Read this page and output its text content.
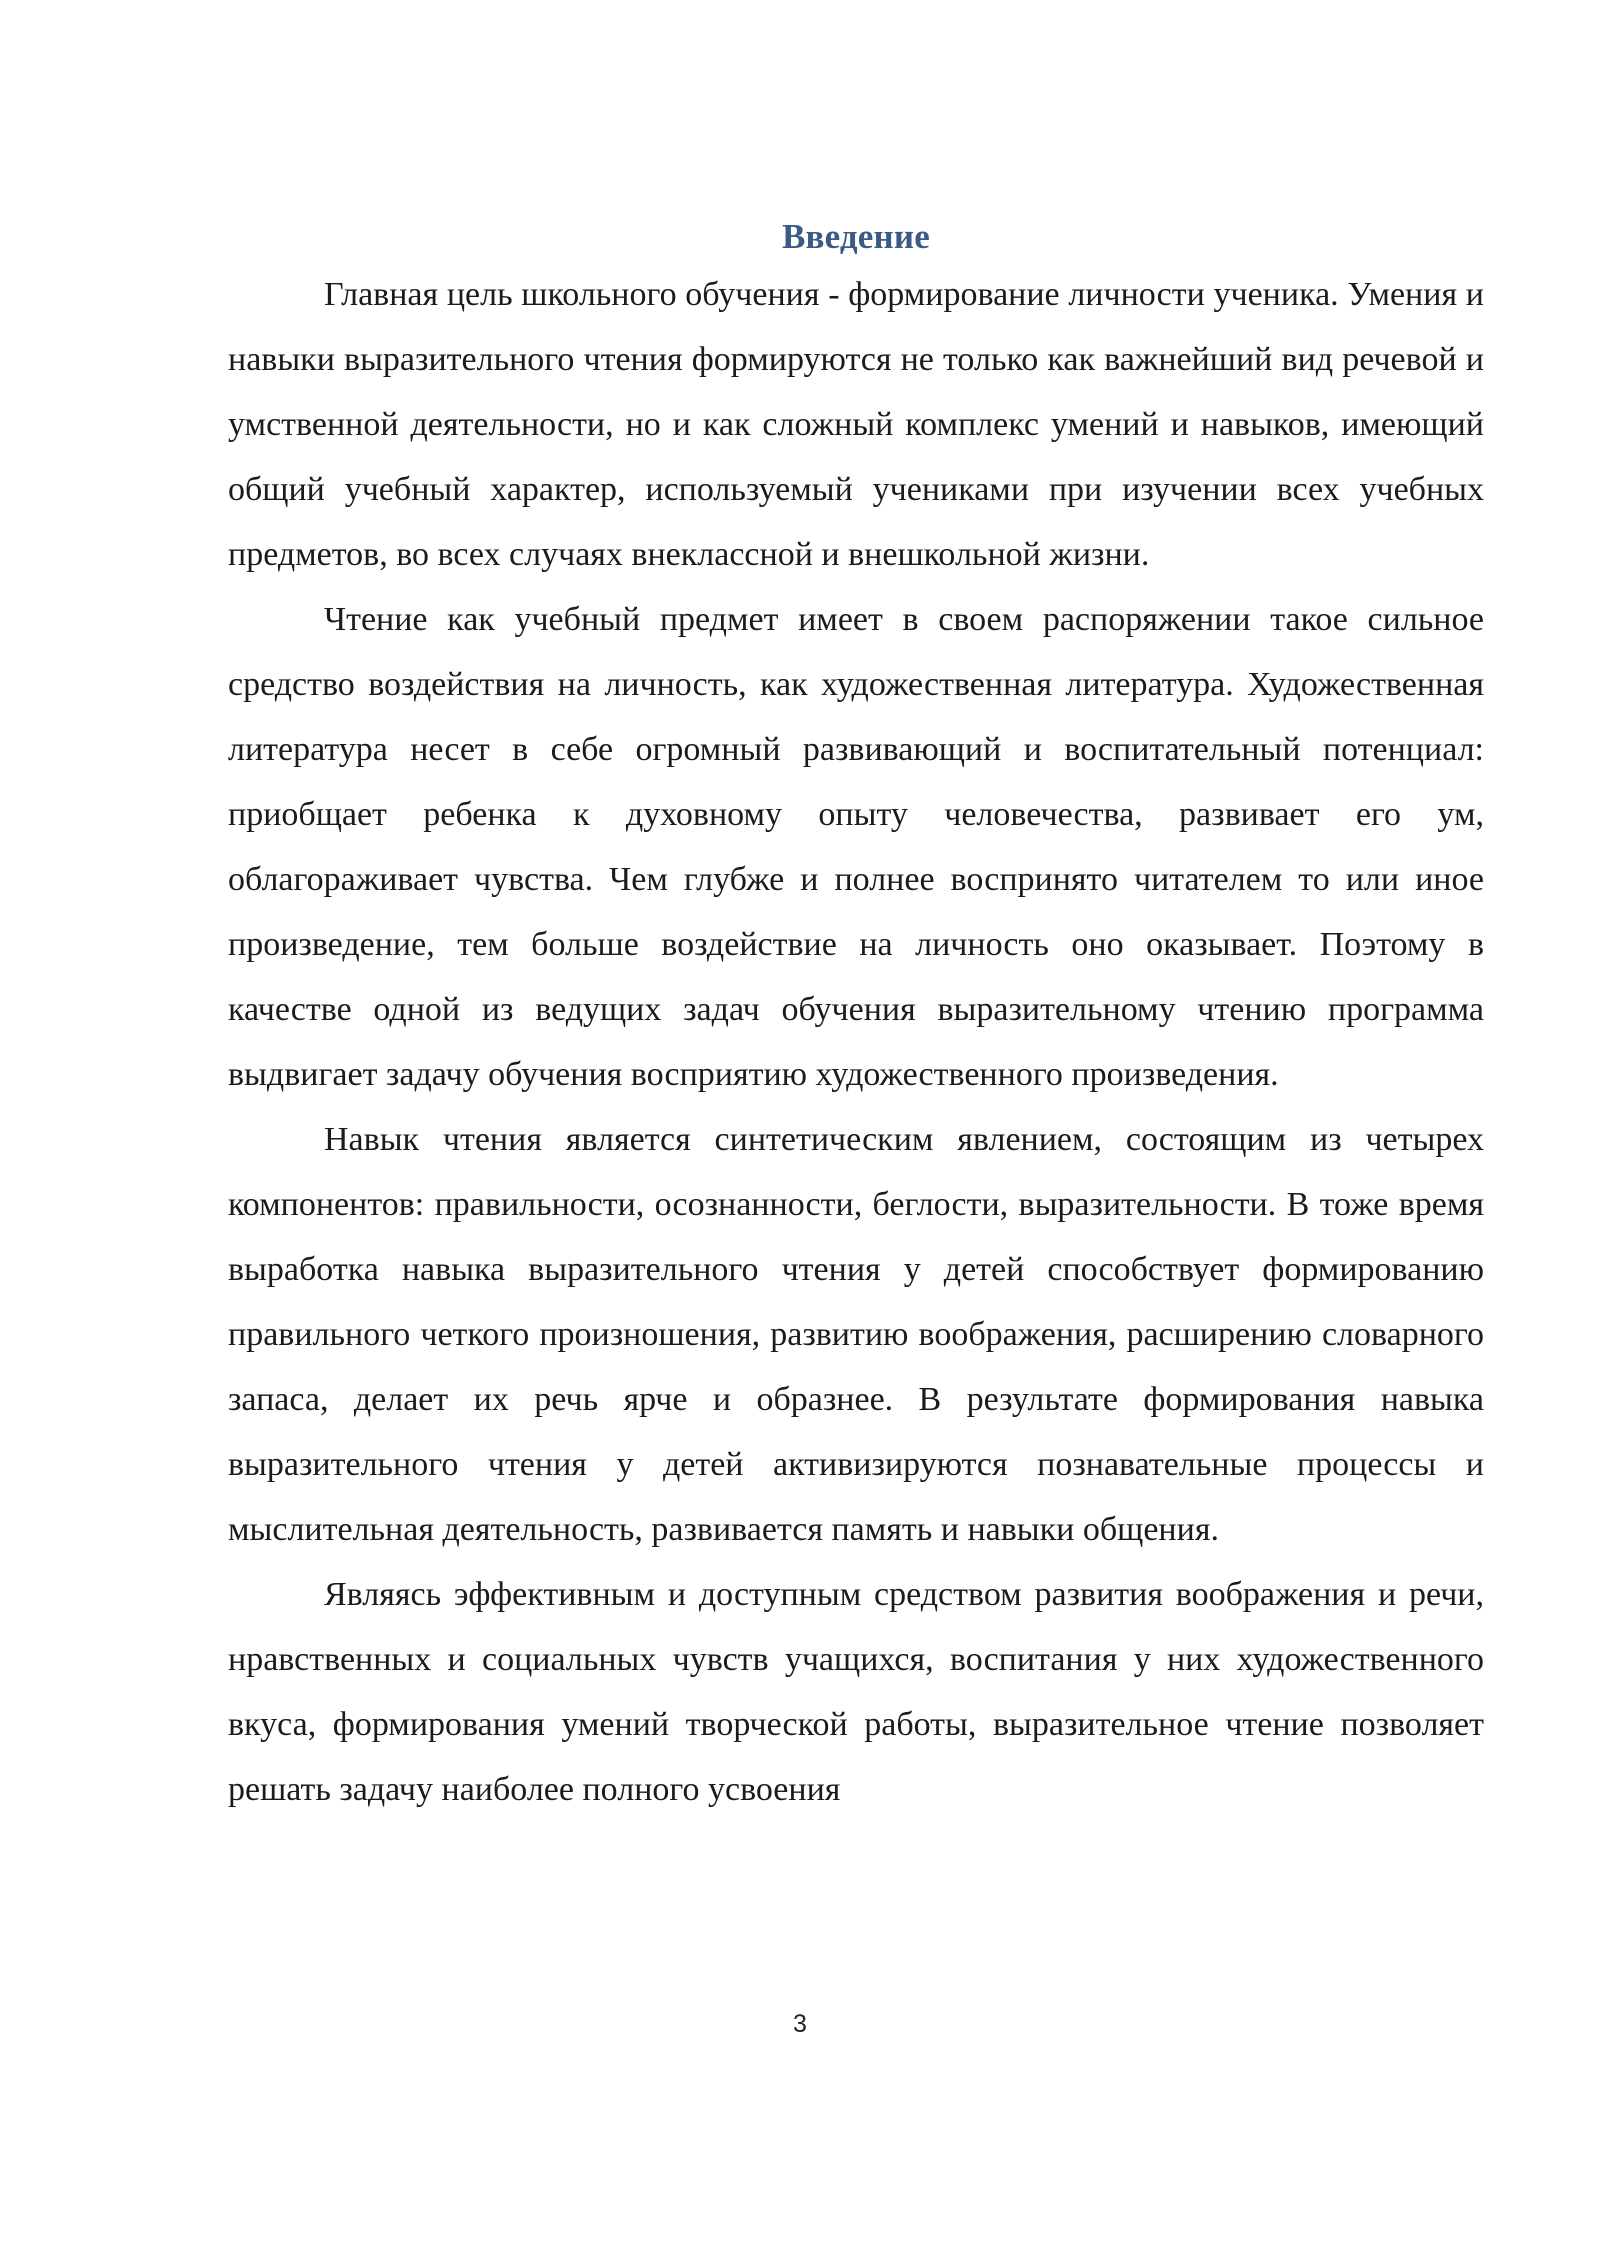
Введение

Главная цель школьного обучения - формирование личности ученика. Умения и навыки выразительного чтения формируются не только как важнейший вид речевой и умственной деятельности, но и как сложный комплекс умений и навыков, имеющий общий учебный характер, используемый учениками при изучении всех учебных предметов, во всех случаях внеклассной и внешкольной жизни.

Чтение как учебный предмет имеет в своем распоряжении такое сильное средство воздействия на личность, как художественная литература. Художественная литература несет в себе огромный развивающий и воспитательный потенциал: приобщает ребенка к духовному опыту человечества, развивает его ум, облагораживает чувства. Чем глубже и полнее воспринято читателем то или иное произведение, тем больше воздействие на личность оно оказывает. Поэтому в качестве одной из ведущих задач обучения выразительному чтению программа выдвигает задачу обучения восприятию художественного произведения.

Навык чтения является синтетическим явлением, состоящим из четырех компонентов: правильности, осознанности, беглости, выразительности. В тоже время выработка навыка выразительного чтения у детей способствует формированию правильного четкого произношения, развитию воображения, расширению словарного запаса, делает их речь ярче и образнее. В результате формирования навыка выразительного чтения у детей активизируются познавательные процессы и мыслительная деятельность, развивается память и навыки общения.

Являясь эффективным и доступным средством развития воображения и речи, нравственных и социальных чувств учащихся, воспитания у них художественного вкуса, формирования умений творческой работы, выразительное чтение позволяет решать задачу наиболее полного усвоения

3
